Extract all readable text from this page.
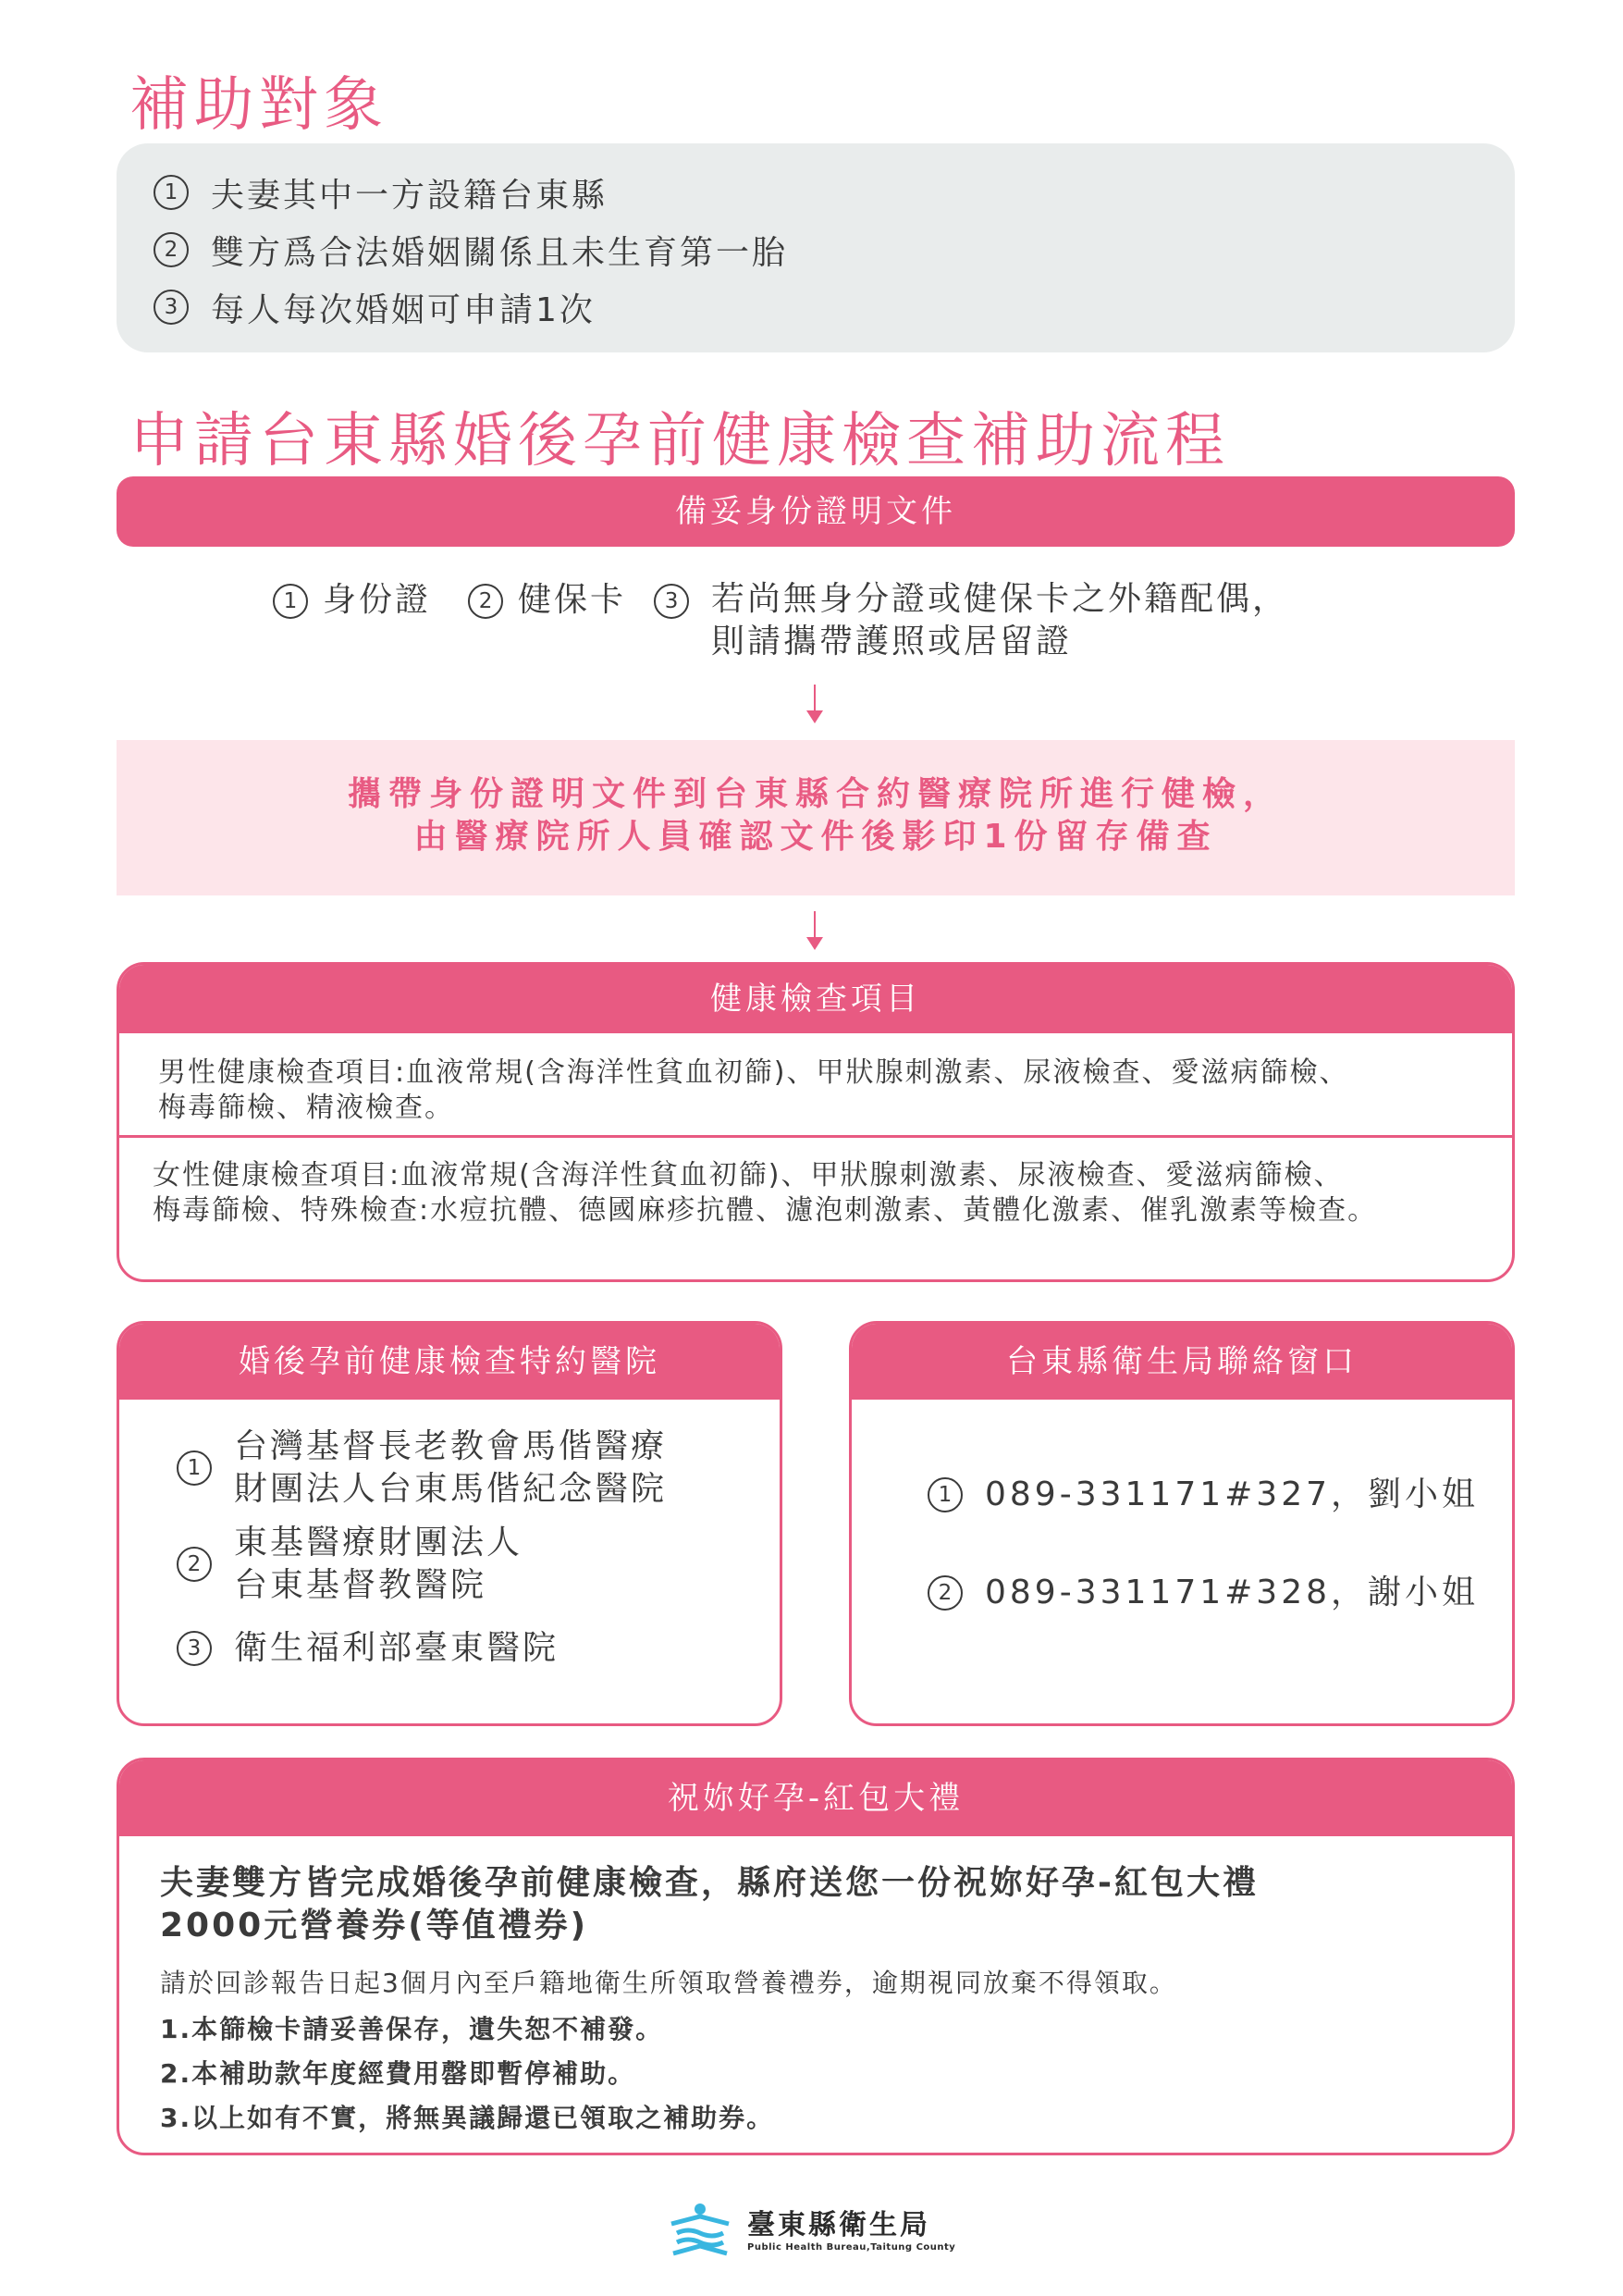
補助對象
1 夫妻其中一方設籍台東縣
2 雙方爲合法婚姻關係且未生育第一胎
3 每人每次婚姻可申請1次
申請台東縣婚後孕前健康檢查補助流程
備妥身份證明文件
1 身份證	2 健保卡	3 若尚無身分證或健保卡之外籍配偶，
則請攜帶護照或居留證
攜帶身份證明文件到台東縣合約醫療院所進行健檢，
由醫療院所人員確認文件後影印1份留存備查
健康檢查項目
男性健康檢查項目:血液常規(含海洋性貧血初篩)、甲狀腺刺激素、尿液檢查、愛滋病篩檢、
梅毒篩檢、精液檢查。
女性健康檢查項目:血液常規(含海洋性貧血初篩)、甲狀腺刺激素、尿液檢查、愛滋病篩檢、
梅毒篩檢、特殊檢查:水痘抗體、德國麻疹抗體、濾泡刺激素、黃體化激素、催乳激素等檢查。
婚後孕前健康檢查特約醫院
1
台灣基督長老教會馬偕醫療
財團法人台東馬偕紀念醫院
2
東基醫療財團法人
台東基督教醫院
3 衛生福利部臺東醫院
台東縣衛生局聯絡窗口
1 089-331171#327，劉小姐
2 089-331171#328，謝小姐
祝妳好孕-紅包大禮
夫妻雙方皆完成婚後孕前健康檢查，縣府送您一份祝妳好孕-紅包大禮
2000元營養券(等值禮券)
請於回診報告日起3個月內至戶籍地衛生所領取營養禮券，逾期視同放棄不得領取。
1.本篩檢卡請妥善保存，遺失恕不補發。
2.本補助款年度經費用罄即暫停補助。
3.以上如有不實，將無異議歸還已領取之補助券。
臺東縣衛生局
Public Health Bureau,Taitung County
